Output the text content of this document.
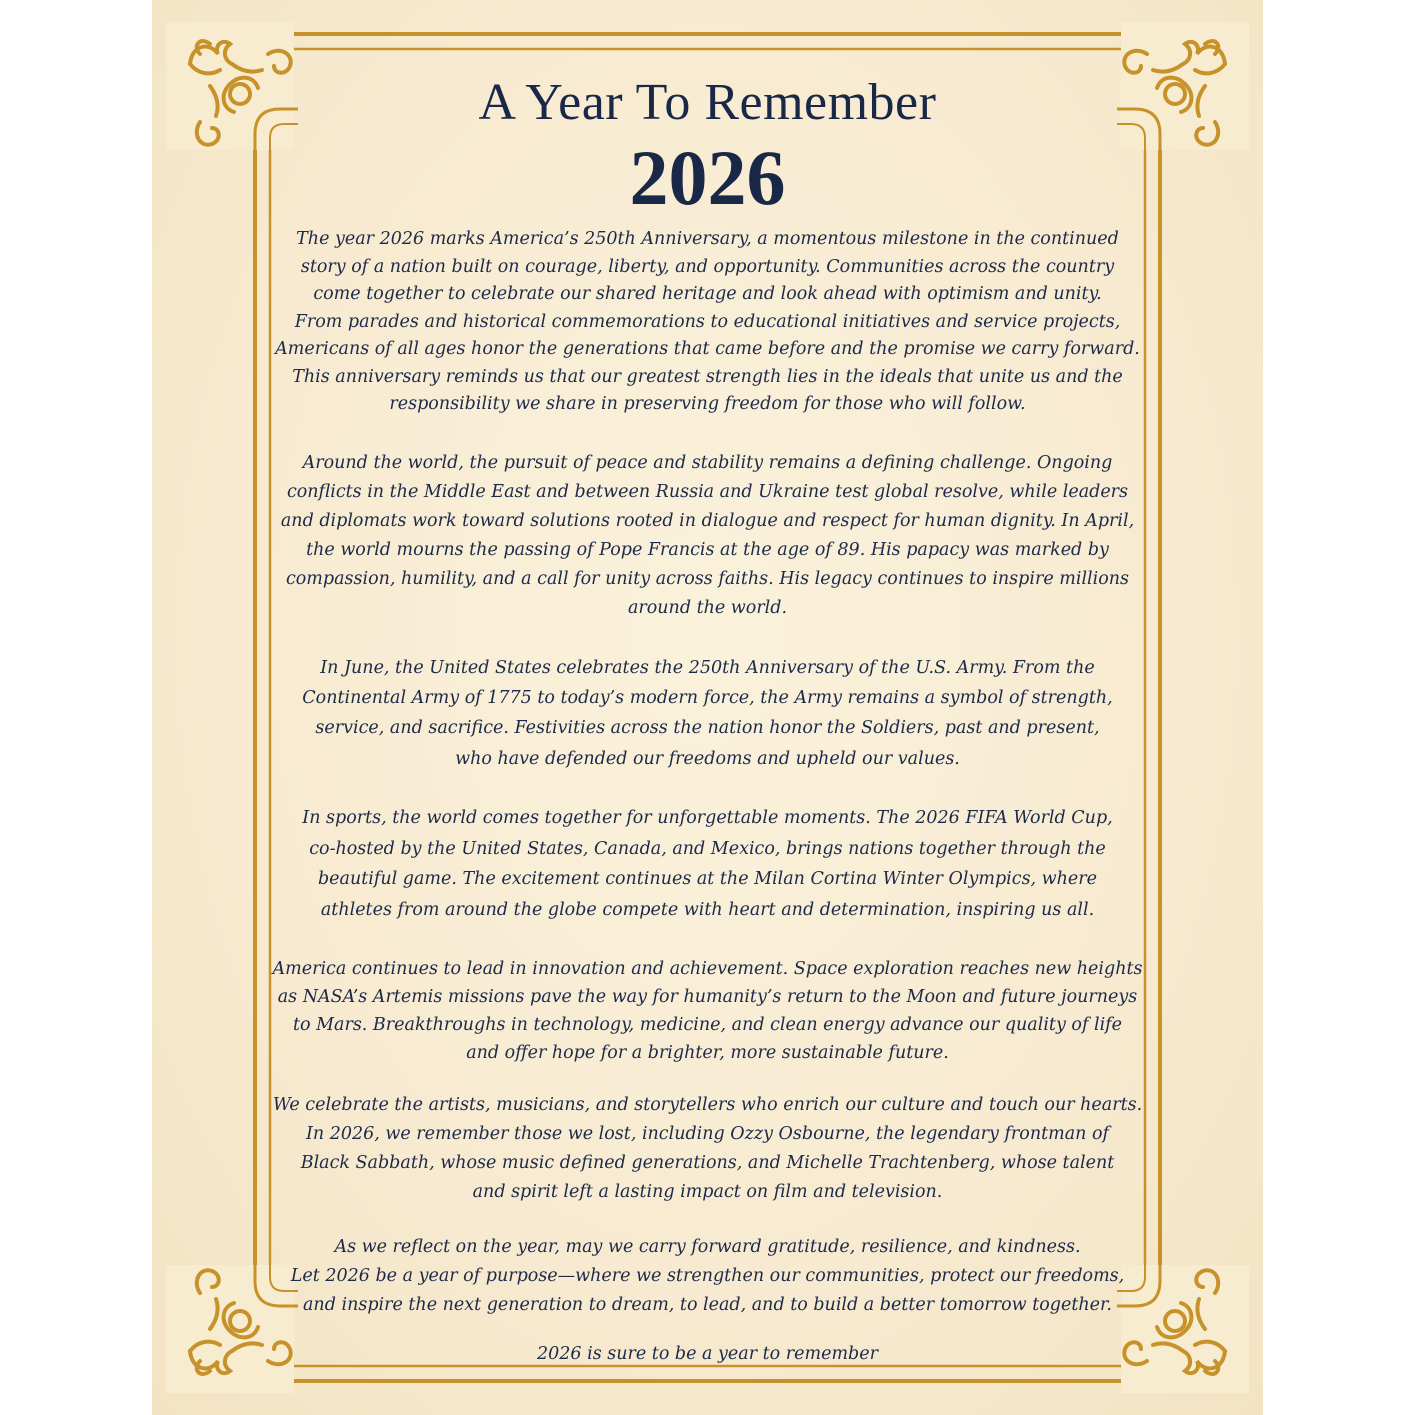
A Year To Remember
2026

The year 2026 marks America’s 250th Anniversary, a momentous milestone in the continued
story of a nation built on courage, liberty, and opportunity. Communities across the country
come together to celebrate our shared heritage and look ahead with optimism and unity.
From parades and historical commemorations to educational initiatives and service projects,
Americans of all ages honor the generations that came before and the promise we carry forward.
This anniversary reminds us that our greatest strength lies in the ideals that unite us and the
responsibility we share in preserving freedom for those who will follow.

Around the world, the pursuit of peace and stability remains a defining challenge. Ongoing
conflicts in the Middle East and between Russia and Ukraine test global resolve, while leaders
and diplomats work toward solutions rooted in dialogue and respect for human dignity. In April,
the world mourns the passing of Pope Francis at the age of 89. His papacy was marked by
compassion, humility, and a call for unity across faiths. His legacy continues to inspire millions
around the world.

In June, the United States celebrates the 250th Anniversary of the U.S. Army. From the
Continental Army of 1775 to today’s modern force, the Army remains a symbol of strength,
service, and sacrifice. Festivities across the nation honor the Soldiers, past and present,
who have defended our freedoms and upheld our values.

In sports, the world comes together for unforgettable moments. The 2026 FIFA World Cup,
co-hosted by the United States, Canada, and Mexico, brings nations together through the
beautiful game. The excitement continues at the Milan Cortina Winter Olympics, where
athletes from around the globe compete with heart and determination, inspiring us all.

America continues to lead in innovation and achievement. Space exploration reaches new heights
as NASA’s Artemis missions pave the way for humanity’s return to the Moon and future journeys
to Mars. Breakthroughs in technology, medicine, and clean energy advance our quality of life
and offer hope for a brighter, more sustainable future.

We celebrate the artists, musicians, and storytellers who enrich our culture and touch our hearts.
In 2026, we remember those we lost, including Ozzy Osbourne, the legendary frontman of
Black Sabbath, whose music defined generations, and Michelle Trachtenberg, whose talent
and spirit left a lasting impact on film and television.

As we reflect on the year, may we carry forward gratitude, resilience, and kindness.
Let 2026 be a year of purpose—where we strengthen our communities, protect our freedoms,
and inspire the next generation to dream, to lead, and to build a better tomorrow together.

2026 is sure to be a year to remember
